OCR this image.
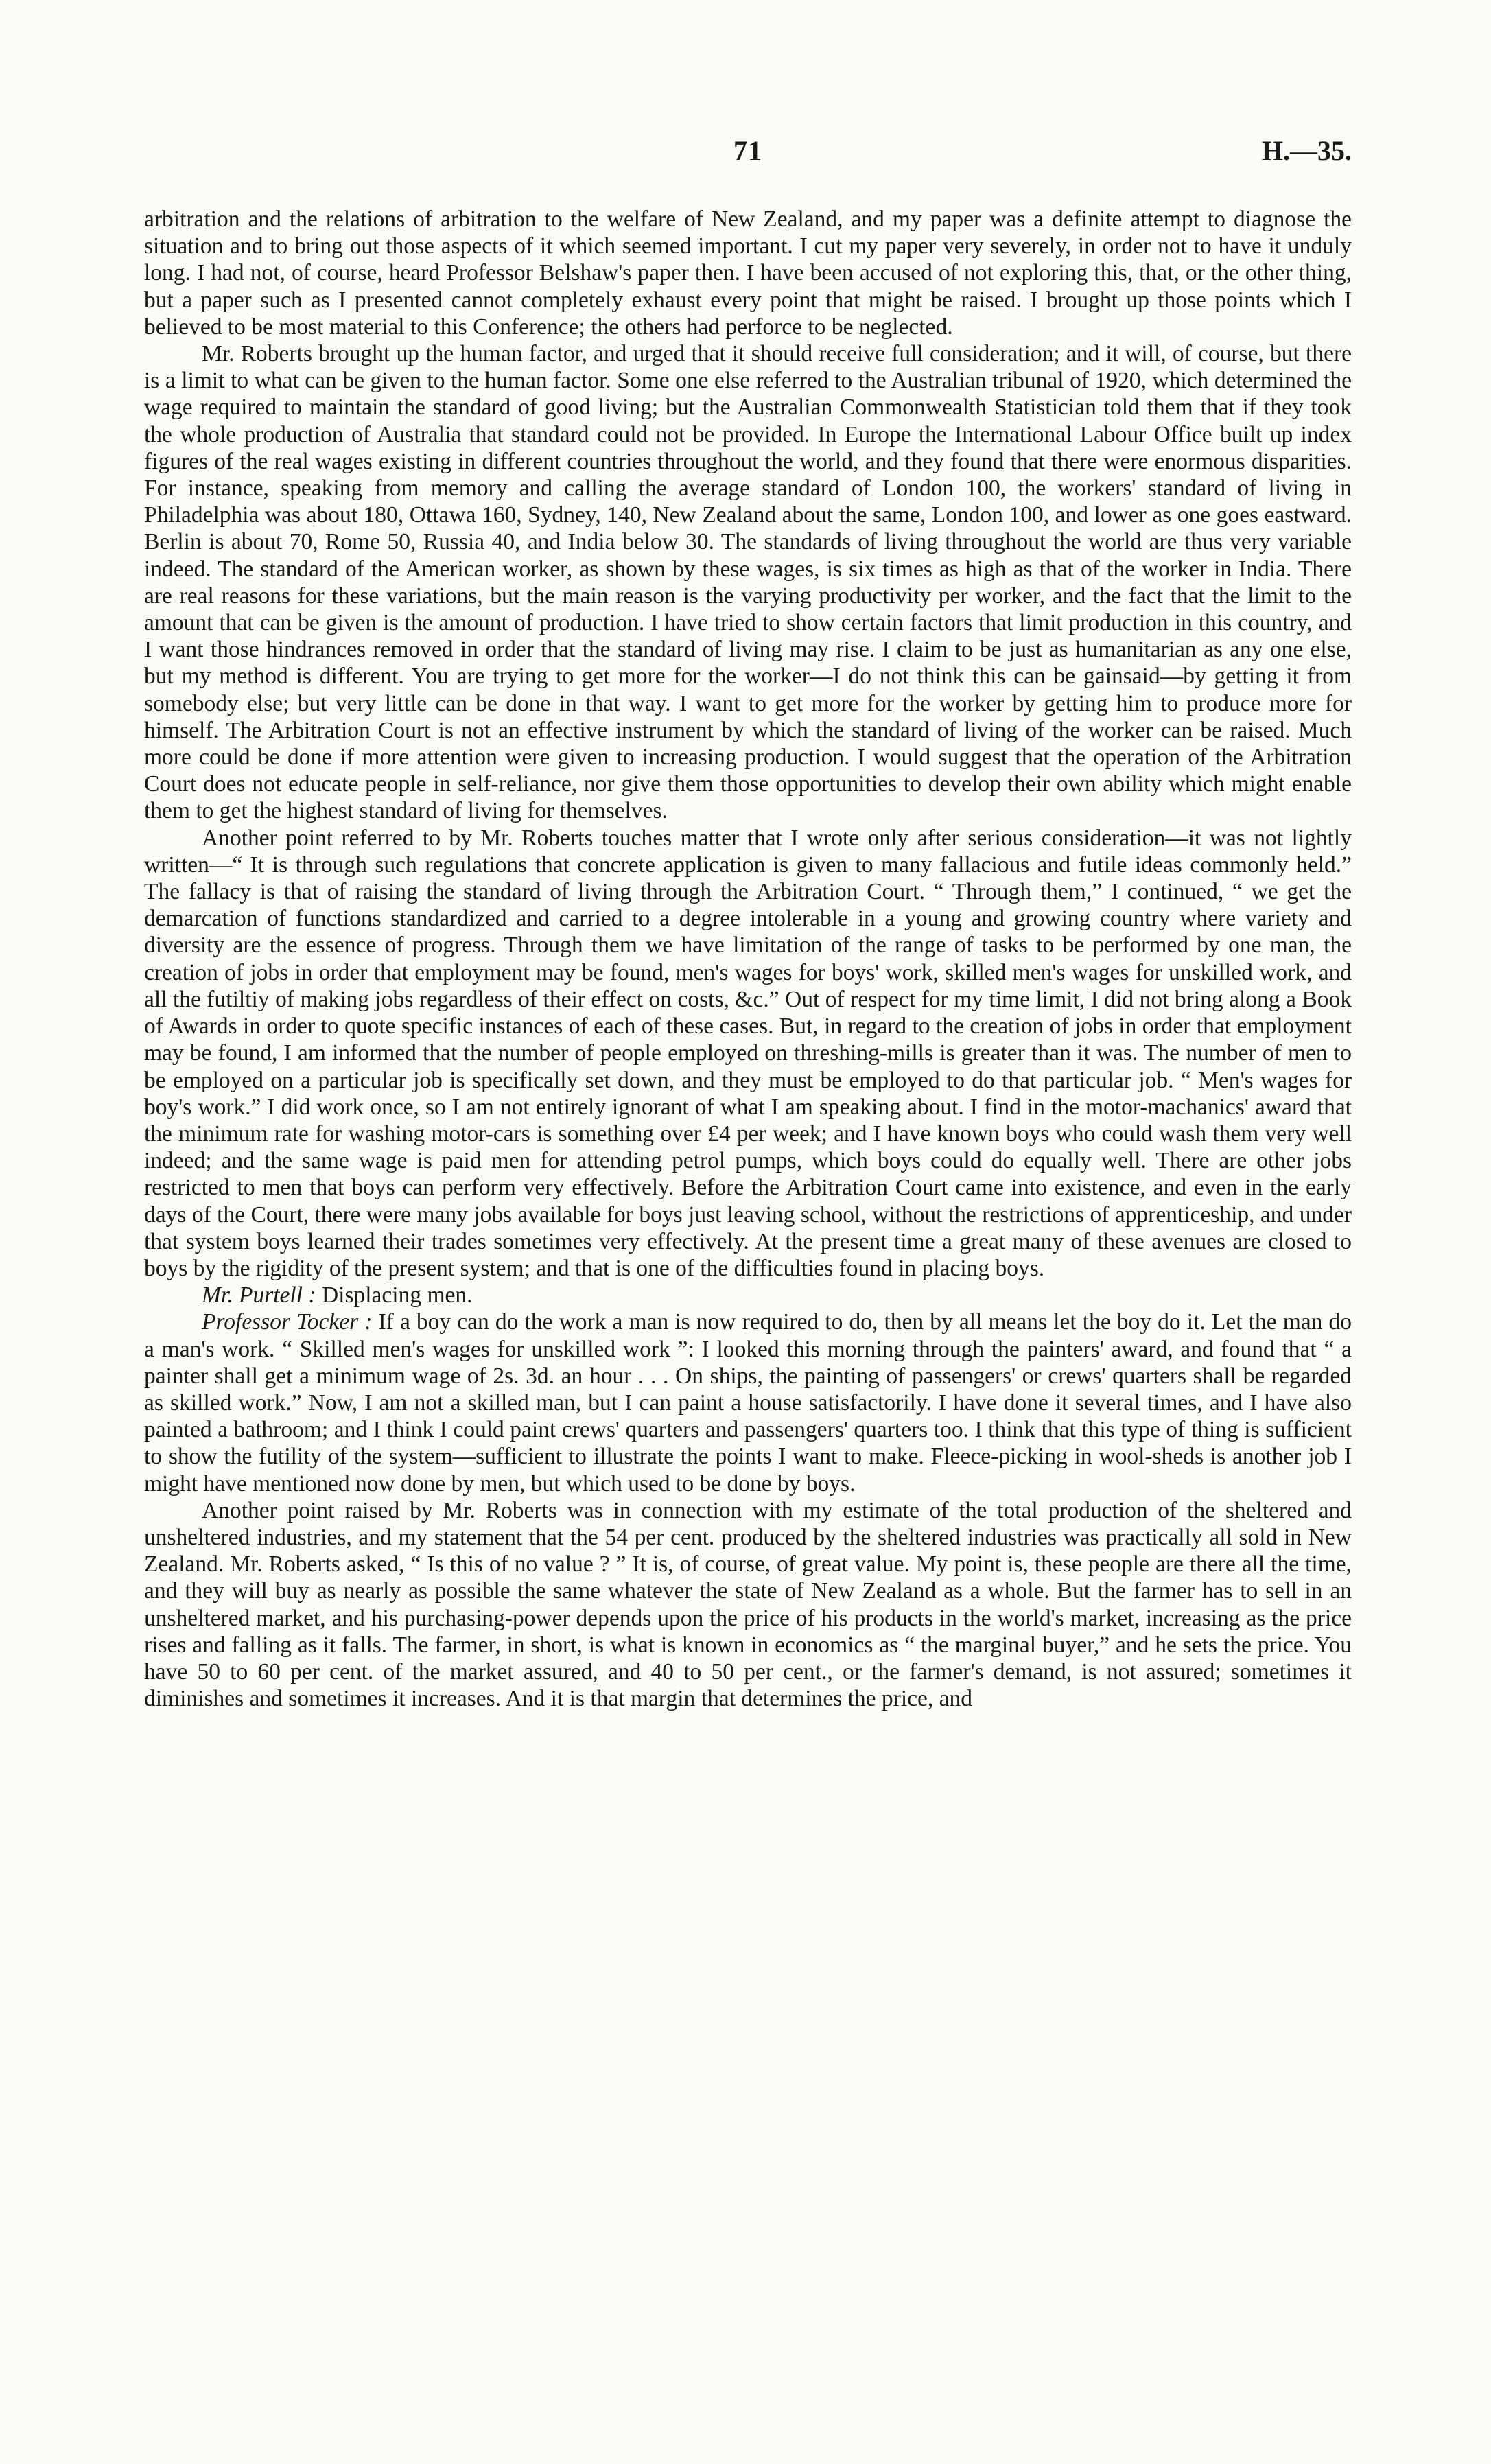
71	H.—35.

arbitration and the relations of arbitration to the welfare of New Zealand, and my paper was a definite attempt to diagnose the situation and to bring out those aspects of it which seemed important. I cut my paper very severely, in order not to have it unduly long. I had not, of course, heard Professor Belshaw's paper then. I have been accused of not exploring this, that, or the other thing, but a paper such as I presented cannot completely exhaust every point that might be raised. I brought up those points which I believed to be most material to this Conference; the others had perforce to be neglected.

Mr. Roberts brought up the human factor, and urged that it should receive full consideration; and it will, of course, but there is a limit to what can be given to the human factor. Some one else referred to the Australian tribunal of 1920, which determined the wage required to maintain the standard of good living; but the Australian Commonwealth Statistician told them that if they took the whole production of Australia that standard could not be provided. In Europe the International Labour Office built up index figures of the real wages existing in different countries throughout the world, and they found that there were enormous disparities. For instance, speaking from memory and calling the average standard of London 100, the workers' standard of living in Philadelphia was about 180, Ottawa 160, Sydney, 140, New Zealand about the same, London 100, and lower as one goes eastward. Berlin is about 70, Rome 50, Russia 40, and India below 30. The standards of living throughout the world are thus very variable indeed. The standard of the American worker, as shown by these wages, is six times as high as that of the worker in India. There are real reasons for these variations, but the main reason is the varying productivity per worker, and the fact that the limit to the amount that can be given is the amount of production. I have tried to show certain factors that limit production in this country, and I want those hindrances removed in order that the standard of living may rise. I claim to be just as humanitarian as any one else, but my method is different. You are trying to get more for the worker—I do not think this can be gainsaid—by getting it from somebody else; but very little can be done in that way. I want to get more for the worker by getting him to produce more for himself. The Arbitration Court is not an effective instrument by which the standard of living of the worker can be raised. Much more could be done if more attention were given to increasing production. I would suggest that the operation of the Arbitration Court does not educate people in self-reliance, nor give them those opportunities to develop their own ability which might enable them to get the highest standard of living for themselves.

Another point referred to by Mr. Roberts touches matter that I wrote only after serious consideration—it was not lightly written—“ It is through such regulations that concrete application is given to many fallacious and futile ideas commonly held.” The fallacy is that of raising the standard of living through the Arbitration Court. “ Through them,” I continued, “ we get the demarcation of functions standardized and carried to a degree intolerable in a young and growing country where variety and diversity are the essence of progress. Through them we have limitation of the range of tasks to be performed by one man, the creation of jobs in order that employment may be found, men's wages for boys' work, skilled men's wages for unskilled work, and all the futiltiy of making jobs regardless of their effect on costs, &c.” Out of respect for my time limit, I did not bring along a Book of Awards in order to quote specific instances of each of these cases. But, in regard to the creation of jobs in order that employment may be found, I am informed that the number of people employed on threshing-mills is greater than it was. The number of men to be employed on a particular job is specifically set down, and they must be employed to do that particular job. “ Men's wages for boy's work.” I did work once, so I am not entirely ignorant of what I am speaking about. I find in the motor-machanics' award that the minimum rate for washing motor-cars is something over £4 per week; and I have known boys who could wash them very well indeed; and the same wage is paid men for attending petrol pumps, which boys could do equally well. There are other jobs restricted to men that boys can perform very effectively. Before the Arbitration Court came into existence, and even in the early days of the Court, there were many jobs available for boys just leaving school, without the restrictions of apprenticeship, and under that system boys learned their trades sometimes very effectively. At the present time a great many of these avenues are closed to boys by the rigidity of the present system; and that is one of the difficulties found in placing boys.

Mr. Purtell : Displacing men.

Professor Tocker : If a boy can do the work a man is now required to do, then by all means let the boy do it. Let the man do a man's work. “ Skilled men's wages for unskilled work ”: I looked this morning through the painters' award, and found that “ a painter shall get a minimum wage of 2s. 3d. an hour . . . On ships, the painting of passengers' or crews' quarters shall be regarded as skilled work.” Now, I am not a skilled man, but I can paint a house satisfactorily. I have done it several times, and I have also painted a bathroom; and I think I could paint crews' quarters and passengers' quarters too. I think that this type of thing is sufficient to show the futility of the system—sufficient to illustrate the points I want to make. Fleece-picking in wool-sheds is another job I might have mentioned now done by men, but which used to be done by boys.

Another point raised by Mr. Roberts was in connection with my estimate of the total production of the sheltered and unsheltered industries, and my statement that the 54 per cent. produced by the sheltered industries was practically all sold in New Zealand. Mr. Roberts asked, “ Is this of no value ? ” It is, of course, of great value. My point is, these people are there all the time, and they will buy as nearly as possible the same whatever the state of New Zealand as a whole. But the farmer has to sell in an unsheltered market, and his purchasing-power depends upon the price of his products in the world's market, increasing as the price rises and falling as it falls. The farmer, in short, is what is known in economics as “ the marginal buyer,” and he sets the price. You have 50 to 60 per cent. of the market assured, and 40 to 50 per cent., or the farmer's demand, is not assured; sometimes it diminishes and sometimes it increases. And it is that margin that determines the price, and
